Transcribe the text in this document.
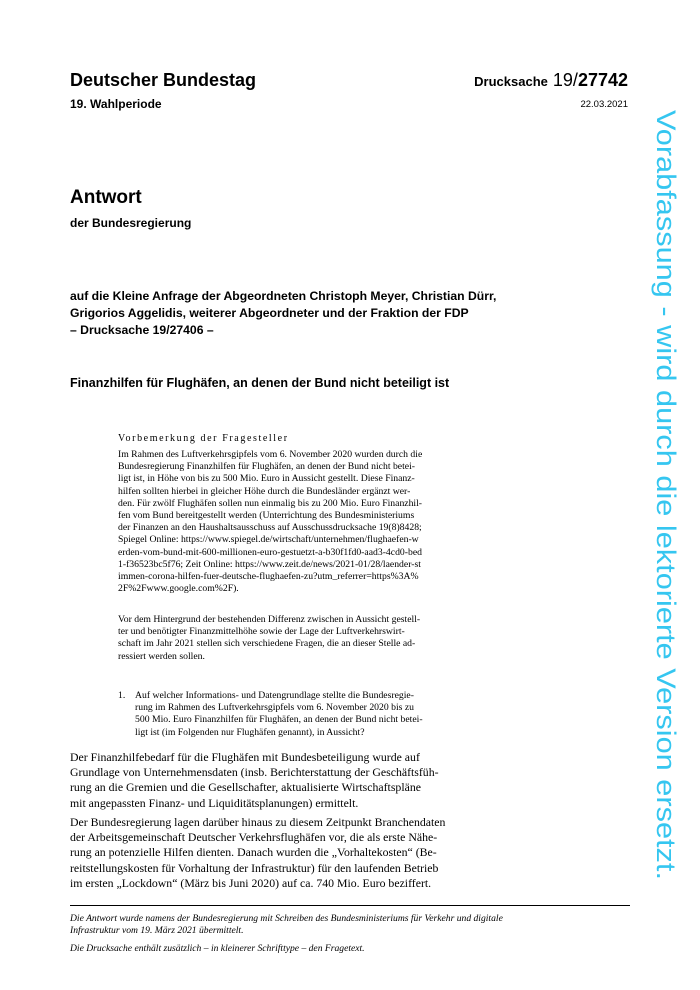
Deutscher Bundestag	Drucksache 19/27742
19. Wahlperiode	22.03.2021
Antwort
der Bundesregierung
auf die Kleine Anfrage der Abgeordneten Christoph Meyer, Christian Dürr,
Grigorios Aggelidis, weiterer Abgeordneter und der Fraktion der FDP
– Drucksache 19/27406 –
Finanzhilfen für Flughäfen, an denen der Bund nicht beteiligt ist
Vorbemerkung der Fragesteller
Im Rahmen des Luftverkehrsgipfels vom 6. November 2020 wurden durch die
Bundesregierung Finanzhilfen für Flughäfen, an denen der Bund nicht betei-
ligt ist, in Höhe von bis zu 500 Mio. Euro in Aussicht gestellt. Diese Finanz-
hilfen sollten hierbei in gleicher Höhe durch die Bundesländer ergänzt wer-
den. Für zwölf Flughäfen sollen nun einmalig bis zu 200 Mio. Euro Finanzhil-
fen vom Bund bereitgestellt werden (Unterrichtung des Bundesministeriums
der Finanzen an den Haushaltsausschuss auf Ausschussdrucksache 19(8)8428;
Spiegel Online: https://www.spiegel.de/wirtschaft/unternehmen/flughaefen-w
erden-vom-bund-mit-600-millionen-euro-gestuetzt-a-b30f1fd0-aad3-4cd0-bed
1-f36523bc5f76; Zeit Online: https://www.zeit.de/news/2021-01/28/laender-st
immen-corona-hilfen-fuer-deutsche-flughaefen-zu?utm_referrer=https%3A%
2F%2Fwww.google.com%2F).
Vor dem Hintergrund der bestehenden Differenz zwischen in Aussicht gestell-
ter und benötigter Finanzmittelhöhe sowie der Lage der Luftverkehrswirt-
schaft im Jahr 2021 stellen sich verschiedene Fragen, die an dieser Stelle ad-
ressiert werden sollen.
1. Auf welcher Informations- und Datengrundlage stellte die Bundesregie-
rung im Rahmen des Luftverkehrsgipfels vom 6. November 2020 bis zu
500 Mio. Euro Finanzhilfen für Flughäfen, an denen der Bund nicht betei-
ligt ist (im Folgenden nur Flughäfen genannt), in Aussicht?
Der Finanzhilfebedarf für die Flughäfen mit Bundesbeteiligung wurde auf
Grundlage von Unternehmensdaten (insb. Berichterstattung der Geschäftsfüh-
rung an die Gremien und die Gesellschafter, aktualisierte Wirtschaftspläne
mit angepassten Finanz- und Liquiditätsplanungen) ermittelt.
Der Bundesregierung lagen darüber hinaus zu diesem Zeitpunkt Branchendaten
der Arbeitsgemeinschaft Deutscher Verkehrsflughäfen vor, die als erste Nähe-
rung an potenzielle Hilfen dienten. Danach wurden die „Vorhaltekosten“ (Be-
reitstellungskosten für Vorhaltung der Infrastruktur) für den laufenden Betrieb
im ersten „Lockdown“ (März bis Juni 2020) auf ca. 740 Mio. Euro beziffert.
Die Antwort wurde namens der Bundesregierung mit Schreiben des Bundesministeriums für Verkehr und digitale
Infrastruktur vom 19. März 2021 übermittelt.
Die Drucksache enthält zusätzlich – in kleinerer Schrifttype – den Fragetext.
Vorabfassung - wird durch die lektorierte Version ersetzt.
